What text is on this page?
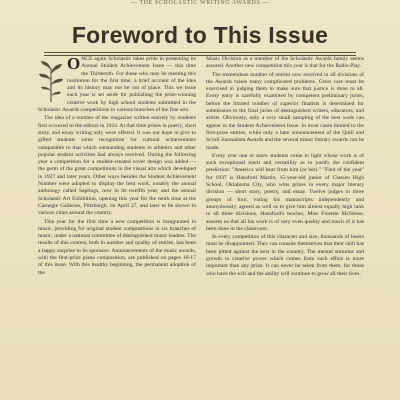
— THE SCHOLASTIC WRITING AWARDS —
Foreword to This Issue

ONCE again Scholastic takes pride in presenting its Annual Student Achievement Issue — this time the Thirteenth. For those who may be meeting this institution for the first time, a brief account of the idea and its history may not be out of place. This we issue each year is set aside for publishing the prize-winning creative work by high school students submitted in the Scholastic Awards competitions in various branches of the fine arts.

The idea of a number of the magazine written entirely by students first occurred to the editors in 1924. At that time prizes in poetry, short story, and essay writing only were offered. It was our hope to give to gifted students some recognition for cultural achievements comparable to that which outstanding students in athletics and other popular student activities had always received. During the following year a competition for a student-created cover design was added — the germ of the great competitions in the visual arts which developed in 1927 and later years. Other ways besides the Student Achievement Number were adopted to display the best work, notably the annual anthology called Saplings, now in its twelfth year, and the annual Scholastic Art Exhibition, opening this year for the tenth time at the Carnegie Galleries, Pittsburgh, on April 27, and later to be shown in various cities around the country.

This year for the first time a new competition is inaugurated in music, providing for original student compositions in six branches of music, under a national committee of distinguished music leaders. The results of this contest, both in number and quality of entries, has been a happy surprise to its sponsors. Announcements of the music awards, with the first-prize piano composition, are published on pages 16-17 of this issue. With this healthy beginning, the permanent adoption of the

Music Division as a member of the Scholastic Awards family seems assured. Another new competition this year is that for the Radio Play.

The tremendous number of entries now received in all divisions of the Awards raises many complicated problems. Great care must be exercised in judging them to make sure that justice is done to all. Every entry is carefully examined by competent preliminary juries, before the limited number of superior finalists is determined for submission to the final juries of distinguished writers, educators, and artists. Obviously, only a very small sampling of the best work can appear in the Student Achievement Issue. In most cases limited to the first-prize entries, while only a bare announcement of the Quill and Scroll Journalism Awards and the several minor literary awards can be made.

Every year one or more students come to light whose work is of such exceptional merit and versatility as to justify the confident prediction: "America will hear from him (or her)." "Find of the year" for 1937 is Hansford Martin, 15-year-old junior of Classen High School, Oklahoma City, who wins prizes in every major literary division — short story, poetry, and essay. Twelve judges in three groups of four, voting his manuscripts independently and anonymously, agreed as well as to give him almost equally high rank in all three divisions. Hansford's teacher, Miss Florette McNeese, assures us that all his work is of very even quality and much of it has been done in the classroom.

In every competition of this character and size, thousands of losers must be disappointed. They can console themselves that their skill has been pitted against the best in the country. The mental stimulus and growth in creative power which comes from such effort is more important than any prize. It can never be taken from them, for those who have the will and the ability will continue to grow all their lives.
